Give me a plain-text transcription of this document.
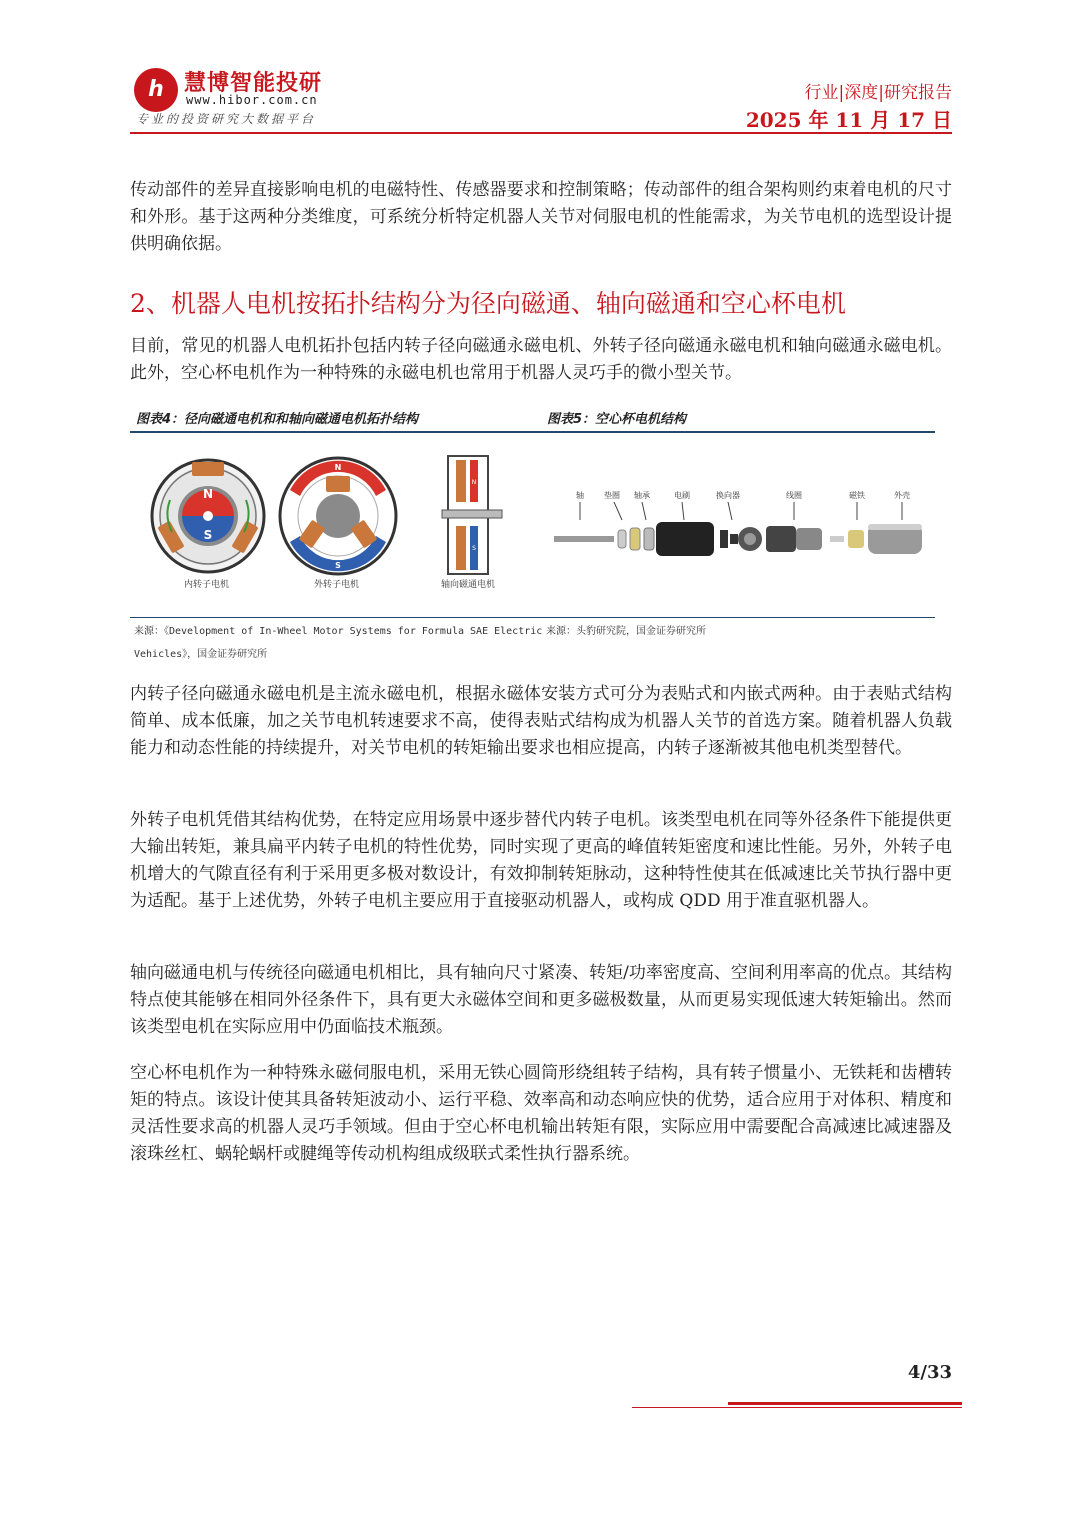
h 慧博智能投研
www.hibor.com.cn
专业的投资研究大数据平台
行业|深度|研究报告
2025 年 11 月 17 日

传动部件的差异直接影响电机的电磁特性、传感器要求和控制策略；传动部件的组合架构则约束着电机的尺寸和外形。基于这两种分类维度，可系统分析特定机器人关节对伺服电机的性能需求，为关节电机的选型设计提供明确依据。

2、机器人电机按拓扑结构分为径向磁通、轴向磁通和空心杯电机

目前，常见的机器人电机拓扑包括内转子径向磁通永磁电机、外转子径向磁通永磁电机和轴向磁通永磁电机。此外，空心杯电机作为一种特殊的永磁电机也常用于机器人灵巧手的微小型关节。

图表4：径向磁通电机和和轴向磁通电机拓扑结构	图表5：空心杯电机结构
N
S
N
S
N
S
内转子电机	外转子电机	轴向磁通电机
轴	垫圈 轴承	电刷	换向器	线圈	磁铁	外壳
来源：《Development of In-Wheel Motor Systems for Formula SAE Electric
Vehicles》，国金证券研究所
来源：头豹研究院，国金证券研究所

内转子径向磁通永磁电机是主流永磁电机，根据永磁体安装方式可分为表贴式和内嵌式两种。由于表贴式结构简单、成本低廉，加之关节电机转速要求不高，使得表贴式结构成为机器人关节的首选方案。随着机器人负载能力和动态性能的持续提升，对关节电机的转矩输出要求也相应提高，内转子逐渐被其他电机类型替代。

外转子电机凭借其结构优势，在特定应用场景中逐步替代内转子电机。该类型电机在同等外径条件下能提供更大输出转矩，兼具扁平内转子电机的特性优势，同时实现了更高的峰值转矩密度和速比性能。另外，外转子电机增大的气隙直径有利于采用更多极对数设计，有效抑制转矩脉动，这种特性使其在低减速比关节执行器中更为适配。基于上述优势，外转子电机主要应用于直接驱动机器人，或构成 QDD 用于准直驱机器人。

轴向磁通电机与传统径向磁通电机相比，具有轴向尺寸紧凑、转矩/功率密度高、空间利用率高的优点。其结构特点使其能够在相同外径条件下，具有更大永磁体空间和更多磁极数量，从而更易实现低速大转矩输出。然而该类型电机在实际应用中仍面临技术瓶颈。

空心杯电机作为一种特殊永磁伺服电机，采用无铁心圆筒形绕组转子结构，具有转子惯量小、无铁耗和齿槽转矩的特点。该设计使其具备转矩波动小、运行平稳、效率高和动态响应快的优势，适合应用于对体积、精度和灵活性要求高的机器人灵巧手领域。但由于空心杯电机输出转矩有限，实际应用中需要配合高减速比减速器及滚珠丝杠、蜗轮蜗杆或腱绳等传动机构组成级联式柔性执行器系统。

4/33
